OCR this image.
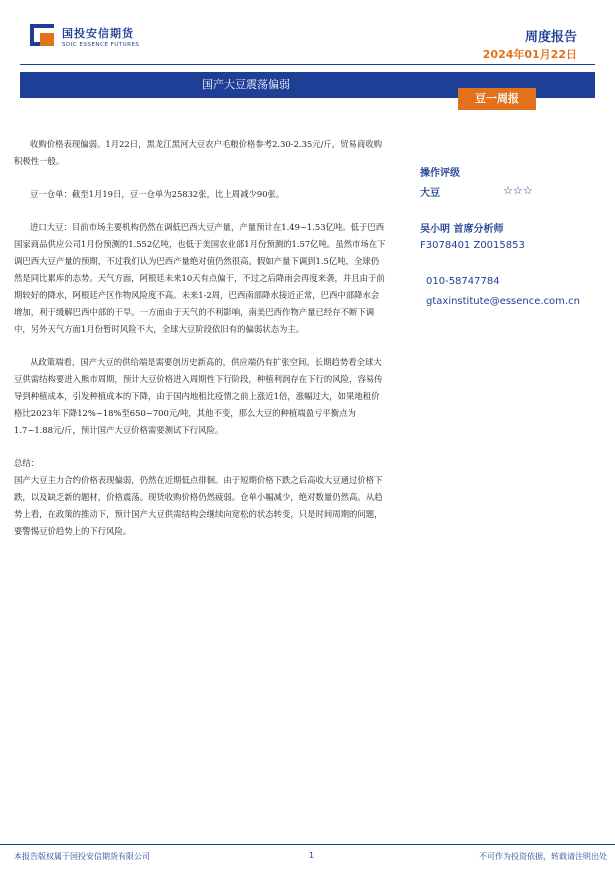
国投安信期货
SDIC ESSENCE FUTURES	周度报告
2024年01月22日
国产大豆震荡偏弱
豆一周报

收购价格表现偏弱。1月22日，黑龙江黑河大豆农户毛粮价格参考2.30-2.35元/斤，贸易商收购积极性一般。

豆一仓单：截至1月19日，豆一仓单为25832张，比上周减少90张。

进口大豆：目前市场主要机构仍然在调低巴西大豆产量，产量预计在1.49~1.53亿吨。低于巴西国家商品供应公司1月份预测的1.552亿吨，也低于美国农业部1月份预测的1.57亿吨。虽然市场在下调巴西大豆产量的预期，不过我们认为巴西产量绝对值仍然很高。假如产量下调到1.5亿吨，全球仍然是同比累库的态势。天气方面，阿根廷未来10天有点偏干，不过之后降雨会再度来袭，并且由于前期较好的降水，阿根廷产区作物风险度不高。未来1-2周，巴西南部降水接近正常，巴西中部降水会增加，利于缓解巴西中部的干旱。一方面由于天气的不利影响，南美巴西作物产量已经存不断下调中，另外天气方面1月份暂时风险不大，全球大豆阶段依旧有的偏弱状态为主。

从政策端看，国产大豆的供给端是需要创历史新高的，供应端仍有扩张空间。长期趋势看全球大豆供需结构要进入熊市周期，预计大豆价格进入周期性下行阶段，种植利润存在下行的风险，容易传导到种植成本，引发种植成本的下降，由于国内地租比疫情之前上涨近1倍，涨幅过大，如果地租价格比2023年下降12%~18%至650~700元/吨，其他不变，那么大豆的种植端盈亏平衡点为1.7~1.88元/斤，预计国产大豆价格需要测试下行风险。

总结：

国产大豆主力合约价格表现偏弱，仍然在近期低点徘徊。由于短期价格下跌之后高收大豆通过价格下跌，以及缺乏新的题材，价格震荡。现货收购价格仍然疲弱。仓单小幅减少，绝对数量仍然高。从趋势上看，在政策的推动下，预计国产大豆供需结构会继续向宽松的状态转变，只是时间周期的问题，要警惕豆价趋势上的下行风险。

操作评级
大豆	☆☆☆
吴小明 首席分析师
F3078401 Z0015853
010-58747784
gtaxinstitute@essence.com.cn
本报告版权属于国投安信期货有限公司	1	不可作为投资依据，转载请注明出处
